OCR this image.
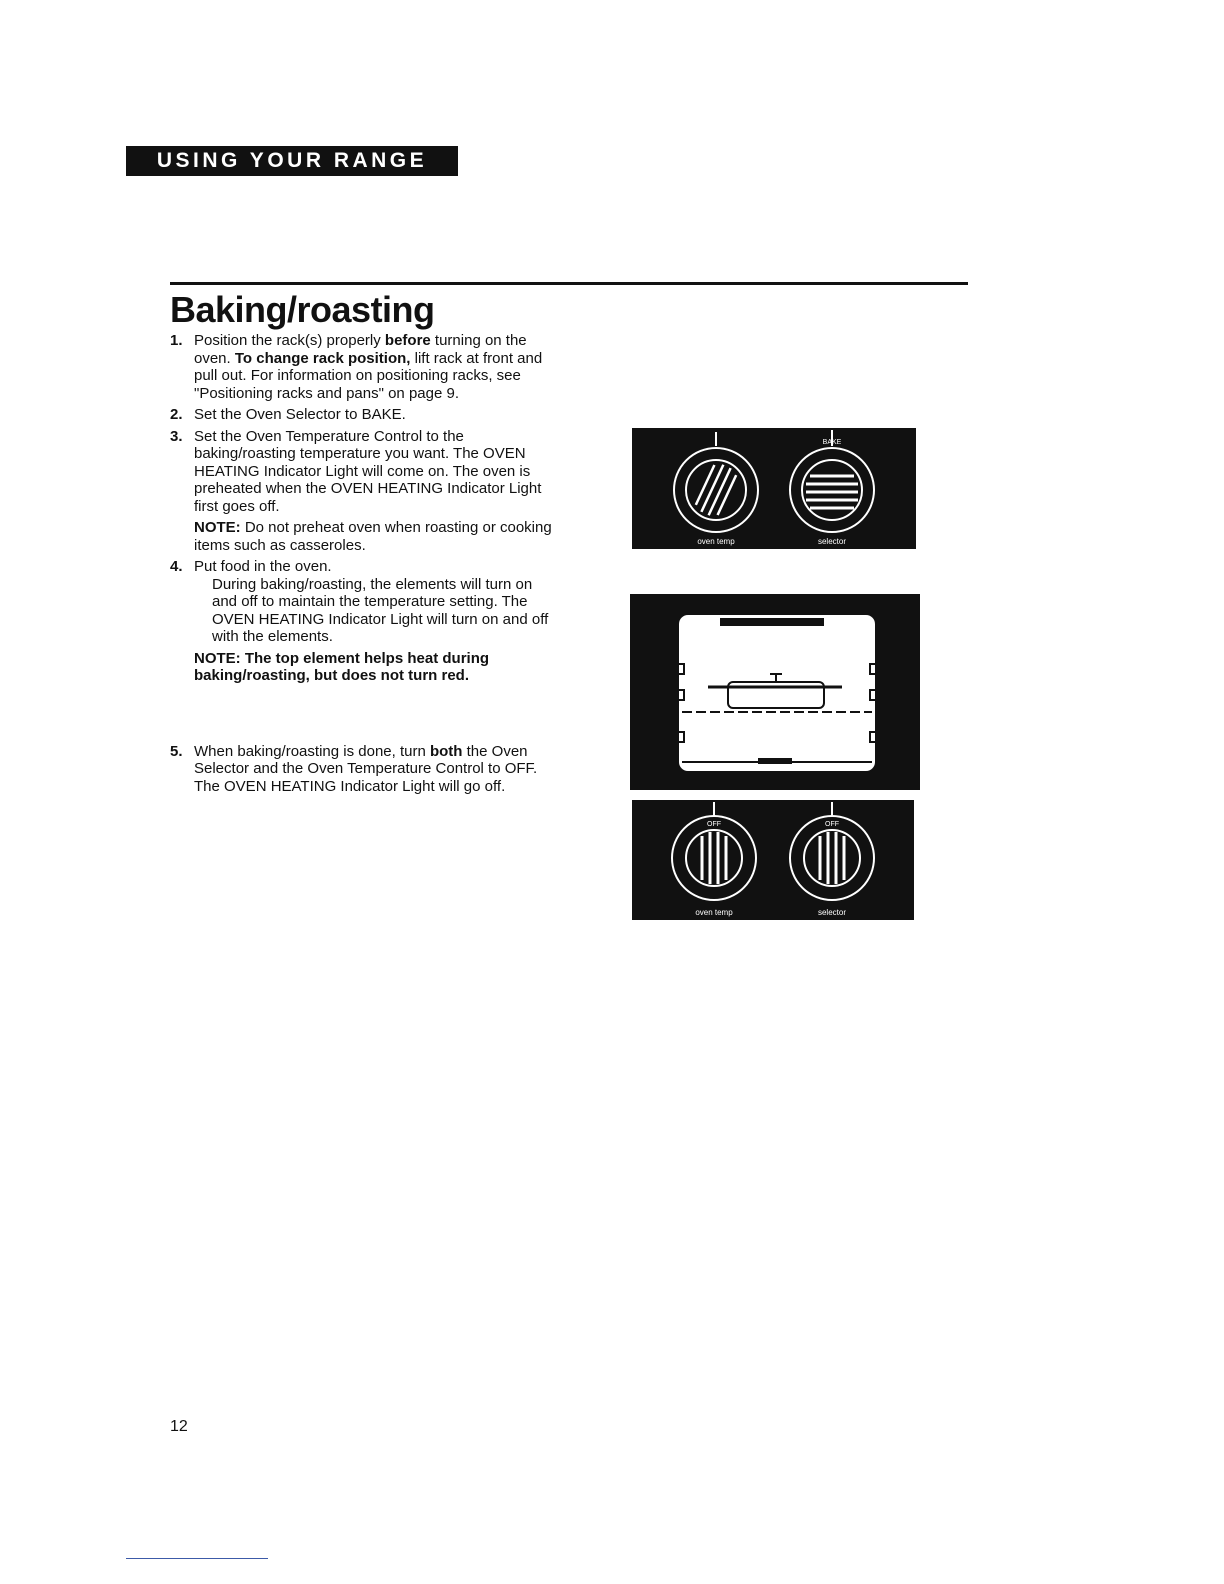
USING YOUR RANGE
Baking/roasting
1. Position the rack(s) properly before turning on the oven. To change rack position, lift rack at front and pull out. For information on positioning racks, see "Positioning racks and pans" on page 9.

2. Set the Oven Selector to BAKE.

3. Set the Oven Temperature Control to the baking/roasting temperature you want. The OVEN HEATING Indicator Light will come on. The oven is preheated when the OVEN HEATING Indicator Light first goes off.

NOTE: Do not preheat oven when roasting or cooking items such as casseroles.

4. Put food in the oven.

During baking/roasting, the elements will turn on and off to maintain the temperature setting. The OVEN HEATING Indicator Light will turn on and off with the elements.

NOTE: The top element helps heat during baking/roasting, but does not turn red.

5. When baking/roasting is done, turn both the Oven Selector and the Oven Temperature Control to OFF. The OVEN HEATING Indicator Light will go off.

BAKE
oven temp	selector
OFF	OFF
oven temp	selector
12
